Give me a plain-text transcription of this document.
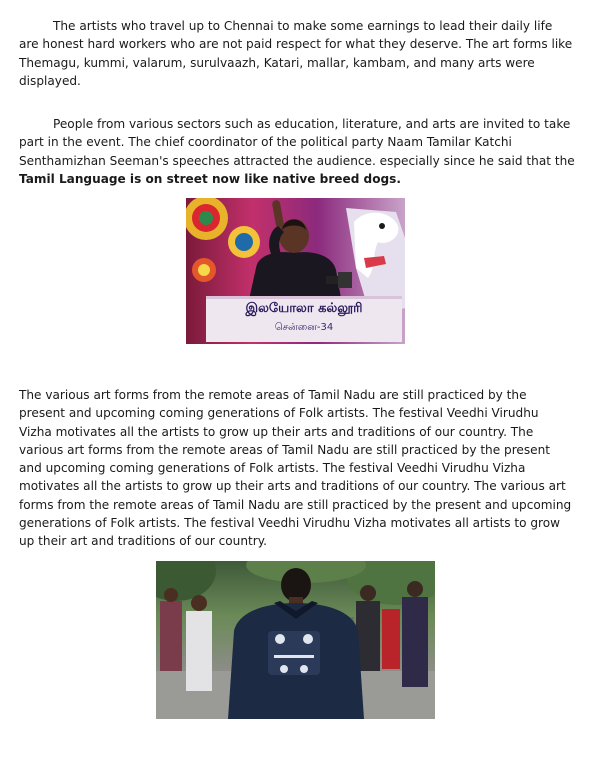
The artists who travel up to Chennai to make some earnings to lead their daily life are honest hard workers who are not paid respect for what they deserve. The art forms like Themagu, kummi, valarum, surulvaazh, Katari, mallar, kambam, and many arts were displayed.

People from various sectors such as education, literature, and arts are invited to take part in the event. The chief coordinator of the political party Naam Tamilar Katchi Senthamizhan Seeman's speeches attracted the audience. especially since he said that the Tamil Language is on street now like native breed dogs.

இலயோலா கல்லூரி
சென்னை-34

The various art forms from the remote areas of Tamil Nadu are still practiced by the present and upcoming coming generations of Folk artists. The festival Veedhi Virudhu Vizha motivates all the artists to grow up their arts and traditions of our country. The various art forms from the remote areas of Tamil Nadu are still practiced by the present and upcoming coming generations of Folk artists. The festival Veedhi Virudhu Vizha motivates all the artists to grow up their arts and traditions of our country. The various art forms from the remote areas of Tamil Nadu are still practiced by the present and upcoming generations of Folk artists. The festival Veedhi Virudhu Vizha motivates all artists to grow up their art and traditions of our country.
